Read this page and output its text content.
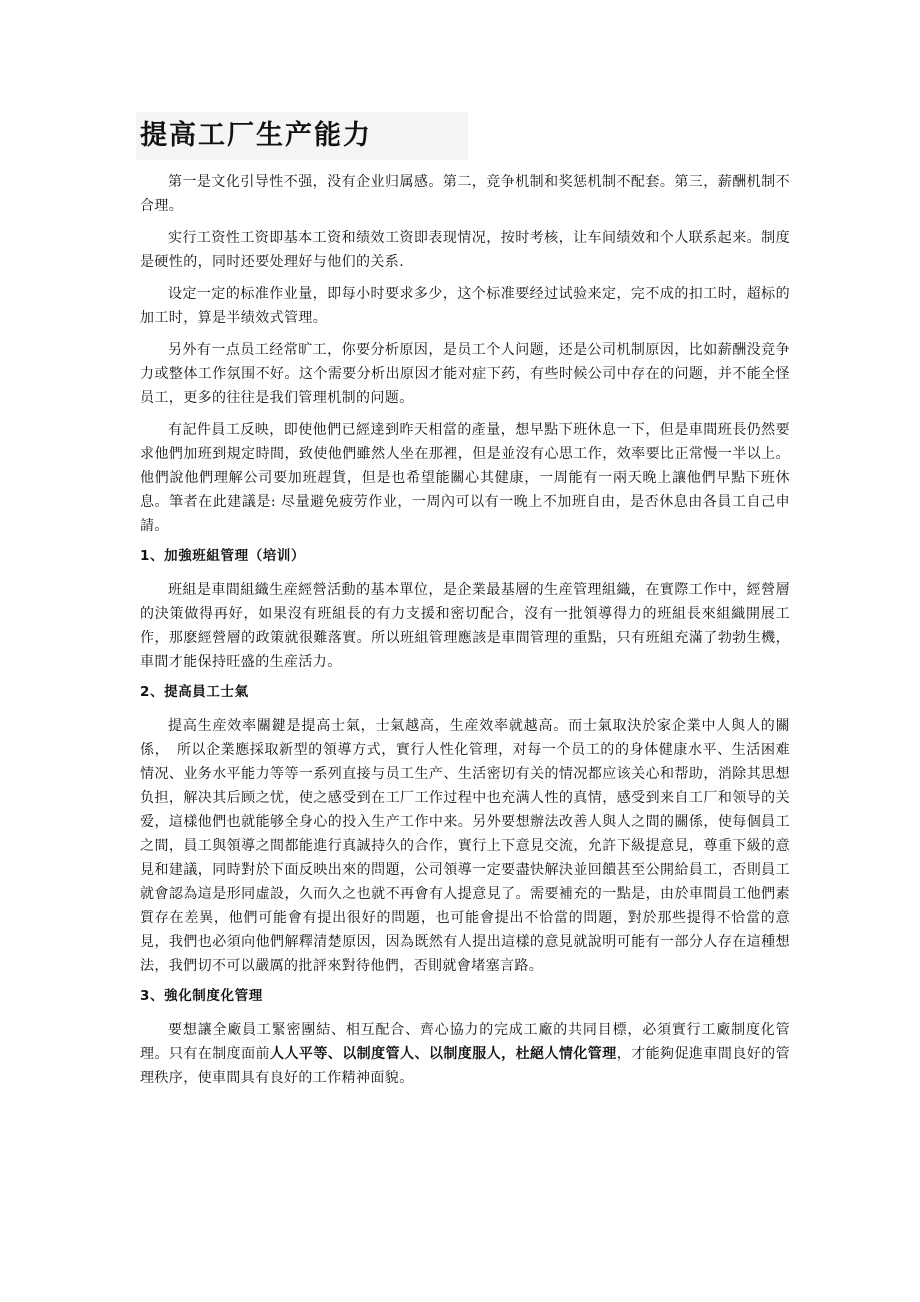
提高工厂生产能力

第一是文化引导性不强，没有企业归属感。第二，竞争机制和奖惩机制不配套。第三，薪酬机制不合理。

实行工资性工资即基本工资和绩效工资即表现情况，按时考核，让车间绩效和个人联系起来。制度是硬性的，同时还要处理好与他们的关系.

设定一定的标准作业量，即每小时要求多少，这个标准要经过试验来定，完不成的扣工时，超标的加工时，算是半绩效式管理。

另外有一点员工经常旷工，你要分析原因，是员工个人问题，还是公司机制原因，比如薪酬没竞争力或整体工作氛围不好。这个需要分析出原因才能对症下药，有些时候公司中存在的问题，并不能全怪员工，更多的往往是我们管理机制的问题。

有記件員工反映，即使他們已經達到昨天相當的產量，想早點下班休息一下，但是車間班長仍然要求他們加班到規定時間，致使他們雖然人坐在那裡，但是並沒有心思工作，效率要比正常慢一半以上。他們說他們理解公司要加班趕貨，但是也希望能關心其健康，一周能有一兩天晚上讓他們早點下班休息。筆者在此建議是: 尽量避免疲劳作业，一周內可以有一晚上不加班自由，是否休息由各員工自己申請。

1、加強班組管理（培训）

班組是車間組織生産經營活動的基本單位，是企業最基層的生産管理組織，在實際工作中，經營層的決策做得再好，如果沒有班組長的有力支援和密切配合，沒有一批領導得力的班組長來組織開展工作，那麽經營層的政策就很難落實。所以班組管理應該是車間管理的重點，只有班組充滿了勃勃生機，車間才能保持旺盛的生産活力。

2、提高員工士氣

提高生産效率關鍵是提高士氣，士氣越高，生産效率就越高。而士氣取決於家企業中人與人的關係，　所以企業應採取新型的領導方式，實行人性化管理，对每一个员工的的身体健康水平、生活困难情况、业务水平能力等等一系列直接与员工生产、生活密切有关的情况都应该关心和帮助，消除其思想负担，解决其后顾之忧，使之感受到在工厂工作过程中也充满人性的真情，感受到来自工厂和领导的关爱，這樣他們也就能够全身心的投入生产工作中来。另外要想辦法改善人與人之間的關係，使每個員工之間，員工與領導之間都能進行真誠持久的合作，實行上下意見交流，允許下級提意見，尊重下級的意見和建議，同時對於下面反映出來的問題，公司領導一定要盡快解決並回饋甚至公開給員工，否則員工就會認為這是形同虛設，久而久之也就不再會有人提意見了。需要補充的一點是，由於車間員工他們素質存在差異，他們可能會有提出很好的問題，也可能會提出不恰當的問題，對於那些提得不恰當的意見，我們也必須向他們解釋清楚原因，因為既然有人提出這樣的意見就說明可能有一部分人存在這種想法，我們切不可以嚴厲的批評來對待他們，否則就會堵塞言路。

3、強化制度化管理

要想讓全廠員工緊密團結、相互配合、齊心協力的完成工廠的共同目標，必須實行工廠制度化管理。只有在制度面前人人平等、以制度管人、以制度服人，杜絕人情化管理，才能夠促進車間良好的管理秩序，使車間具有良好的工作精神面貌。
